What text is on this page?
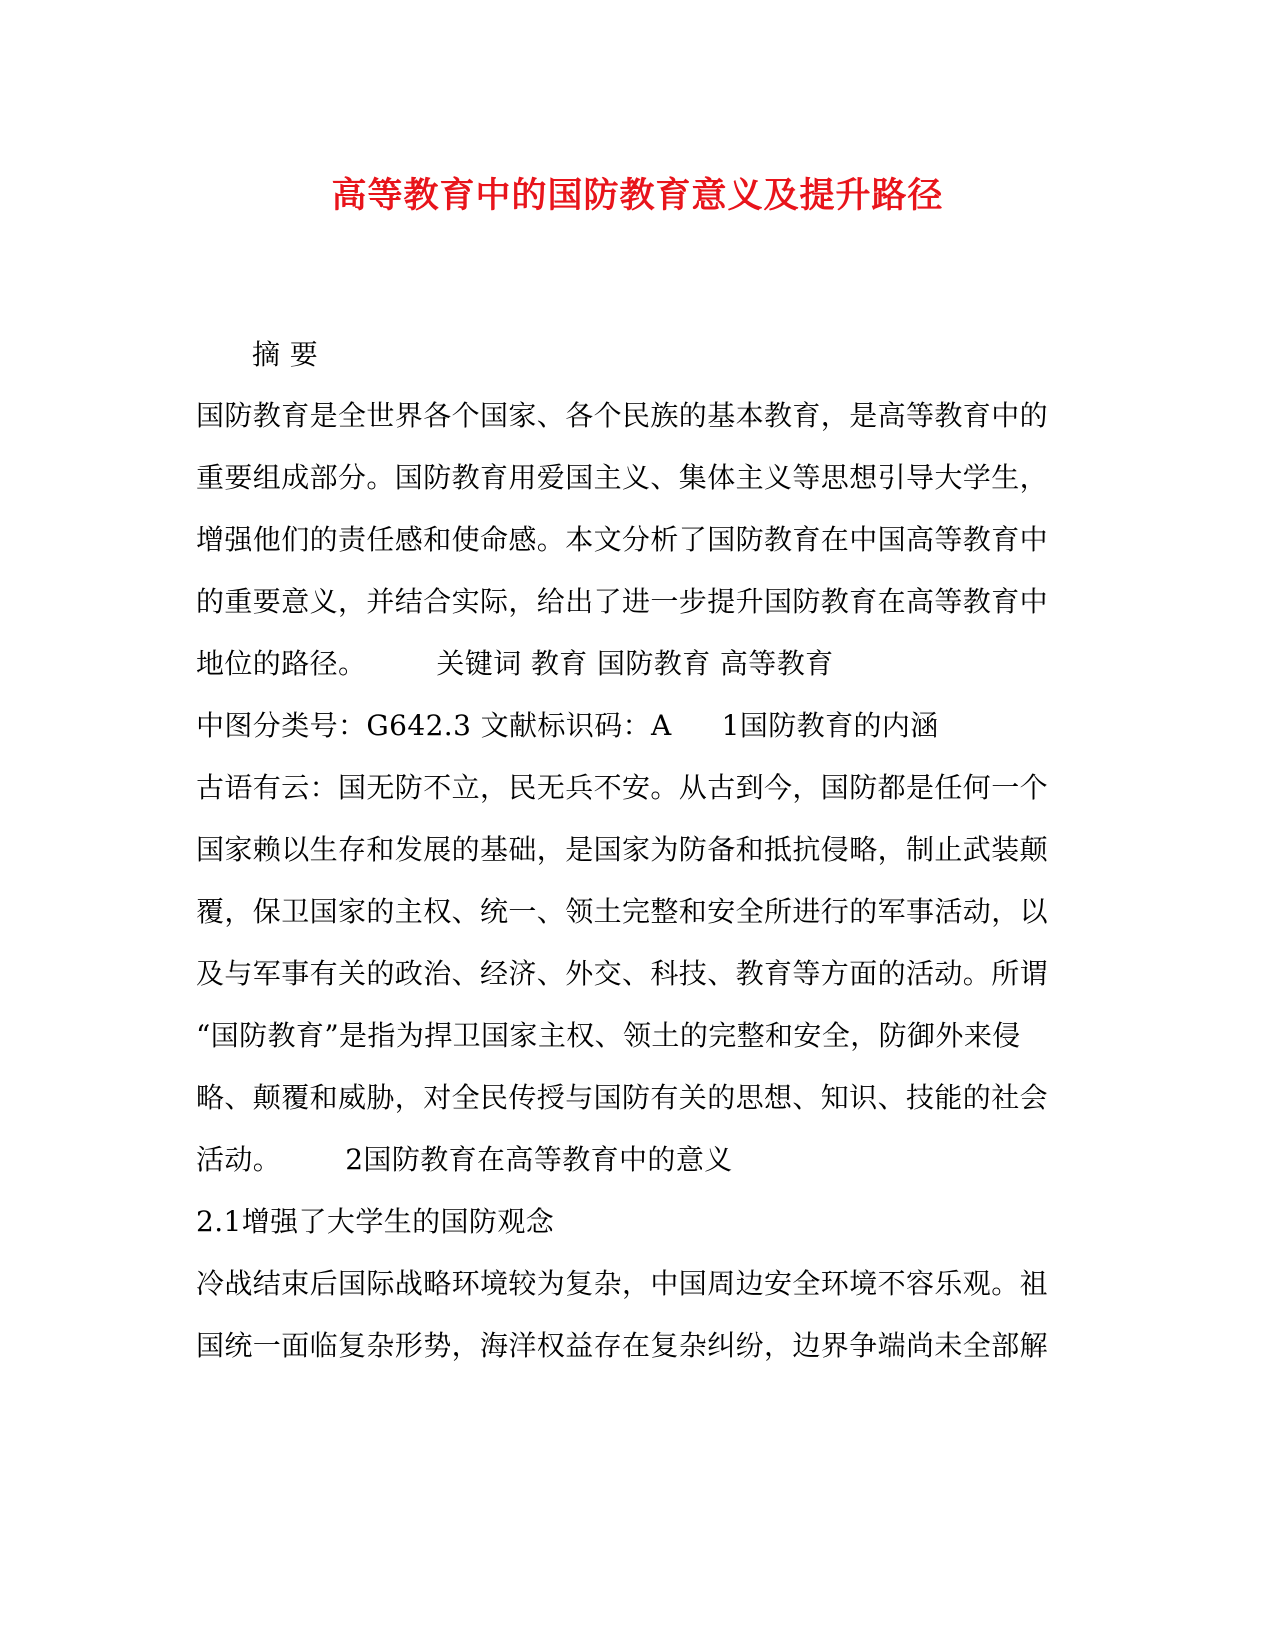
高等教育中的国防教育意义及提升路径
摘 要
国防教育是全世界各个国家、各个民族的基本教育，是高等教育中的
重要组成部分。国防教育用爱国主义、集体主义等思想引导大学生，
增强他们的责任感和使命感。本文分析了国防教育在中国高等教育中
的重要意义，并结合实际，给出了进一步提升国防教育在高等教育中
地位的路径。	关键词 教育 国防教育 高等教育
中图分类号：G642.3 文献标识码：A 1国防教育的内涵
古语有云：国无防不立，民无兵不安。从古到今，国防都是任何一个
国家赖以生存和发展的基础，是国家为防备和抵抗侵略，制止武装颠
覆，保卫国家的主权、统一、领土完整和安全所进行的军事活动，以
及与军事有关的政治、经济、外交、科技、教育等方面的活动。所谓
“国防教育”是指为捍卫国家主权、领土的完整和安全，防御外来侵
略、颠覆和威胁，对全民传授与国防有关的思想、知识、技能的社会
活动。 2国防教育在高等教育中的意义
2.1增强了大学生的国防观念
冷战结束后国际战略环境较为复杂，中国周边安全环境不容乐观。祖
国统一面临复杂形势，海洋权益存在复杂纠纷，边界争端尚未全部解
